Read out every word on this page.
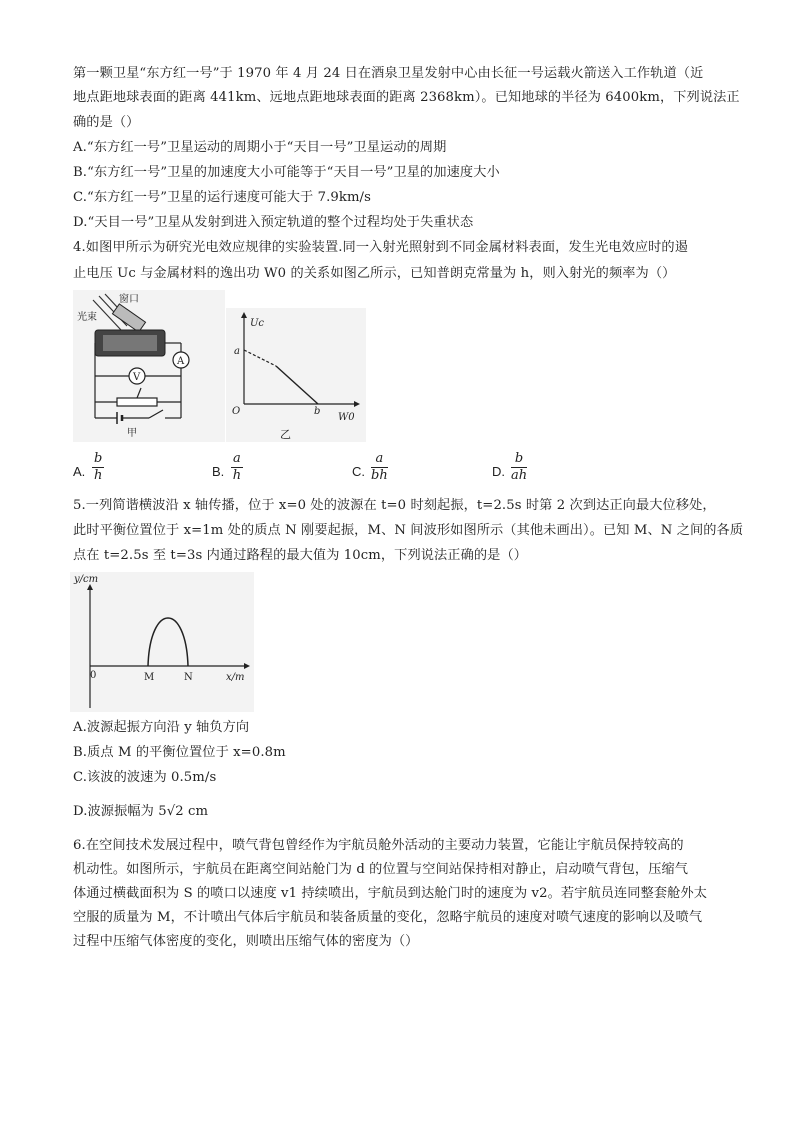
第一颗卫星“东方红一号”于 1970 年 4 月 24 日在酒泉卫星发射中心由长征一号运载火箭送入工作轨道（近
地点距地球表面的距离 441km、远地点距地球表面的距离 2368km）。已知地球的半径为 6400km，下列说法正
确的是（）
A.“东方红一号”卫星运动的周期小于“天目一号”卫星运动的周期
B.“东方红一号”卫星的加速度大小可能等于“天目一号”卫星的加速度大小
C.“东方红一号”卫星的运行速度可能大于 7.9km/s
D.“天目一号”卫星从发射到进入预定轨道的整个过程均处于失重状态
4.如图甲所示为研究光电效应规律的实验装置.同一入射光照射到不同金属材料表面，发生光电效应时的遏
止电压 Uc 与金属材料的逸出功 W0 的关系如图乙所示，已知普朗克常量为 h，则入射光的频率为（）
光束
窗口
A
V
甲
Uc
W0
O
a
b
乙
A. $\frac{b}{h}$	B. $\frac{a}{h}$	C. $\frac{a}{bh}$	D. $\frac{b}{ah}$
5.一列简谐横波沿 x 轴传播，位于 x=0 处的波源在 t=0 时刻起振，t=2.5s 时第 2 次到达正向最大位移处，
此时平衡位置位于 x=1m 处的质点 N 刚要起振，M、N 间波形如图所示（其他未画出）。已知 M、N 之间的各质
点在 t=2.5s 至 t=3s 内通过路程的最大值为 10cm，下列说法正确的是（）
y/cm
x/m
0	M	N
A.波源起振方向沿 y 轴负方向
B.质点 M 的平衡位置位于 x=0.8m
C.该波的波速为 0.5m/s
D.波源振幅为 5√2 cm
6.在空间技术发展过程中，喷气背包曾经作为宇航员舱外活动的主要动力装置，它能让宇航员保持较高的
机动性。如图所示，宇航员在距离空间站舱门为 d 的位置与空间站保持相对静止，启动喷气背包，压缩气
体通过横截面积为 S 的喷口以速度 v1 持续喷出，宇航员到达舱门时的速度为 v2。若宇航员连同整套舱外太
空服的质量为 M，不计喷出气体后宇航员和装备质量的变化，忽略宇航员的速度对喷气速度的影响以及喷气
过程中压缩气体密度的变化，则喷出压缩气体的密度为（）
